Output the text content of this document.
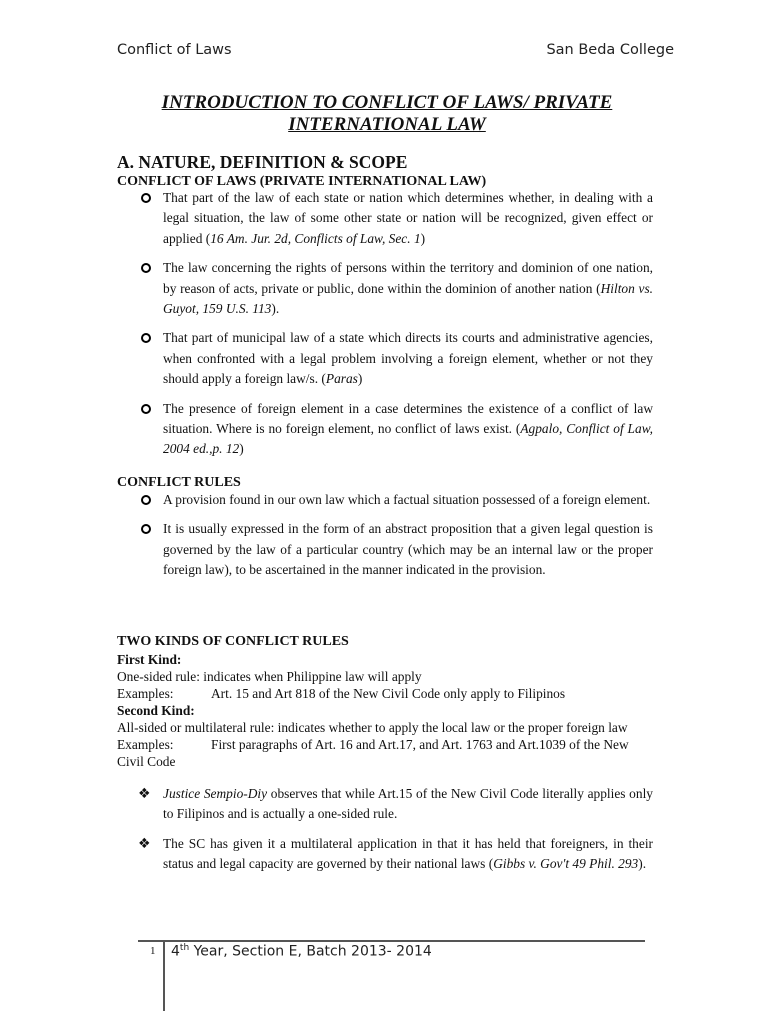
Conflict of Laws	San Beda College
INTRODUCTION TO CONFLICT OF LAWS/ PRIVATE
INTERNATIONAL LAW
A. NATURE, DEFINITION & SCOPE
CONFLICT OF LAWS (PRIVATE INTERNATIONAL LAW)
That part of the law of each state or nation which determines whether, in dealing with a legal situation, the law of some other state or nation will be recognized, given effect or applied (16 Am. Jur. 2d, Conflicts of Law, Sec. 1)
The law concerning the rights of persons within the territory and dominion of one nation, by reason of acts, private or public, done within the dominion of another nation (Hilton vs. Guyot, 159 U.S. 113).
That part of municipal law of a state which directs its courts and administrative agencies, when confronted with a legal problem involving a foreign element, whether or not they should apply a foreign law/s. (Paras)
The presence of foreign element in a case determines the existence of a conflict of law situation. Where is no foreign element, no conflict of laws exist. (Agpalo, Conflict of Law, 2004 ed.,p. 12)
CONFLICT RULES
A provision found in our own law which a factual situation possessed of a foreign element.
It is usually expressed in the form of an abstract proposition that a given legal question is governed by the law of a particular country (which may be an internal law or the proper foreign law), to be ascertained in the manner indicated in the provision.
TWO KINDS OF CONFLICT RULES
First Kind:
One-sided rule: indicates when Philippine law will apply
Examples:	Art. 15 and Art 818 of the New Civil Code only apply to Filipinos
Second Kind:
All-sided or multilateral rule: indicates whether to apply the local law or the proper foreign law
Examples:	First paragraphs of Art. 16 and Art.17, and Art. 1763 and Art.1039 of the New Civil Code
❖ Justice Sempio-Diy observes that while Art.15 of the New Civil Code literally applies only to Filipinos and is actually a one-sided rule.
❖ The SC has given it a multilateral application in that it has held that foreigners, in their status and legal capacity are governed by their national laws (Gibbs v. Gov't 49 Phil. 293).
1 4th Year, Section E, Batch 2013- 2014
